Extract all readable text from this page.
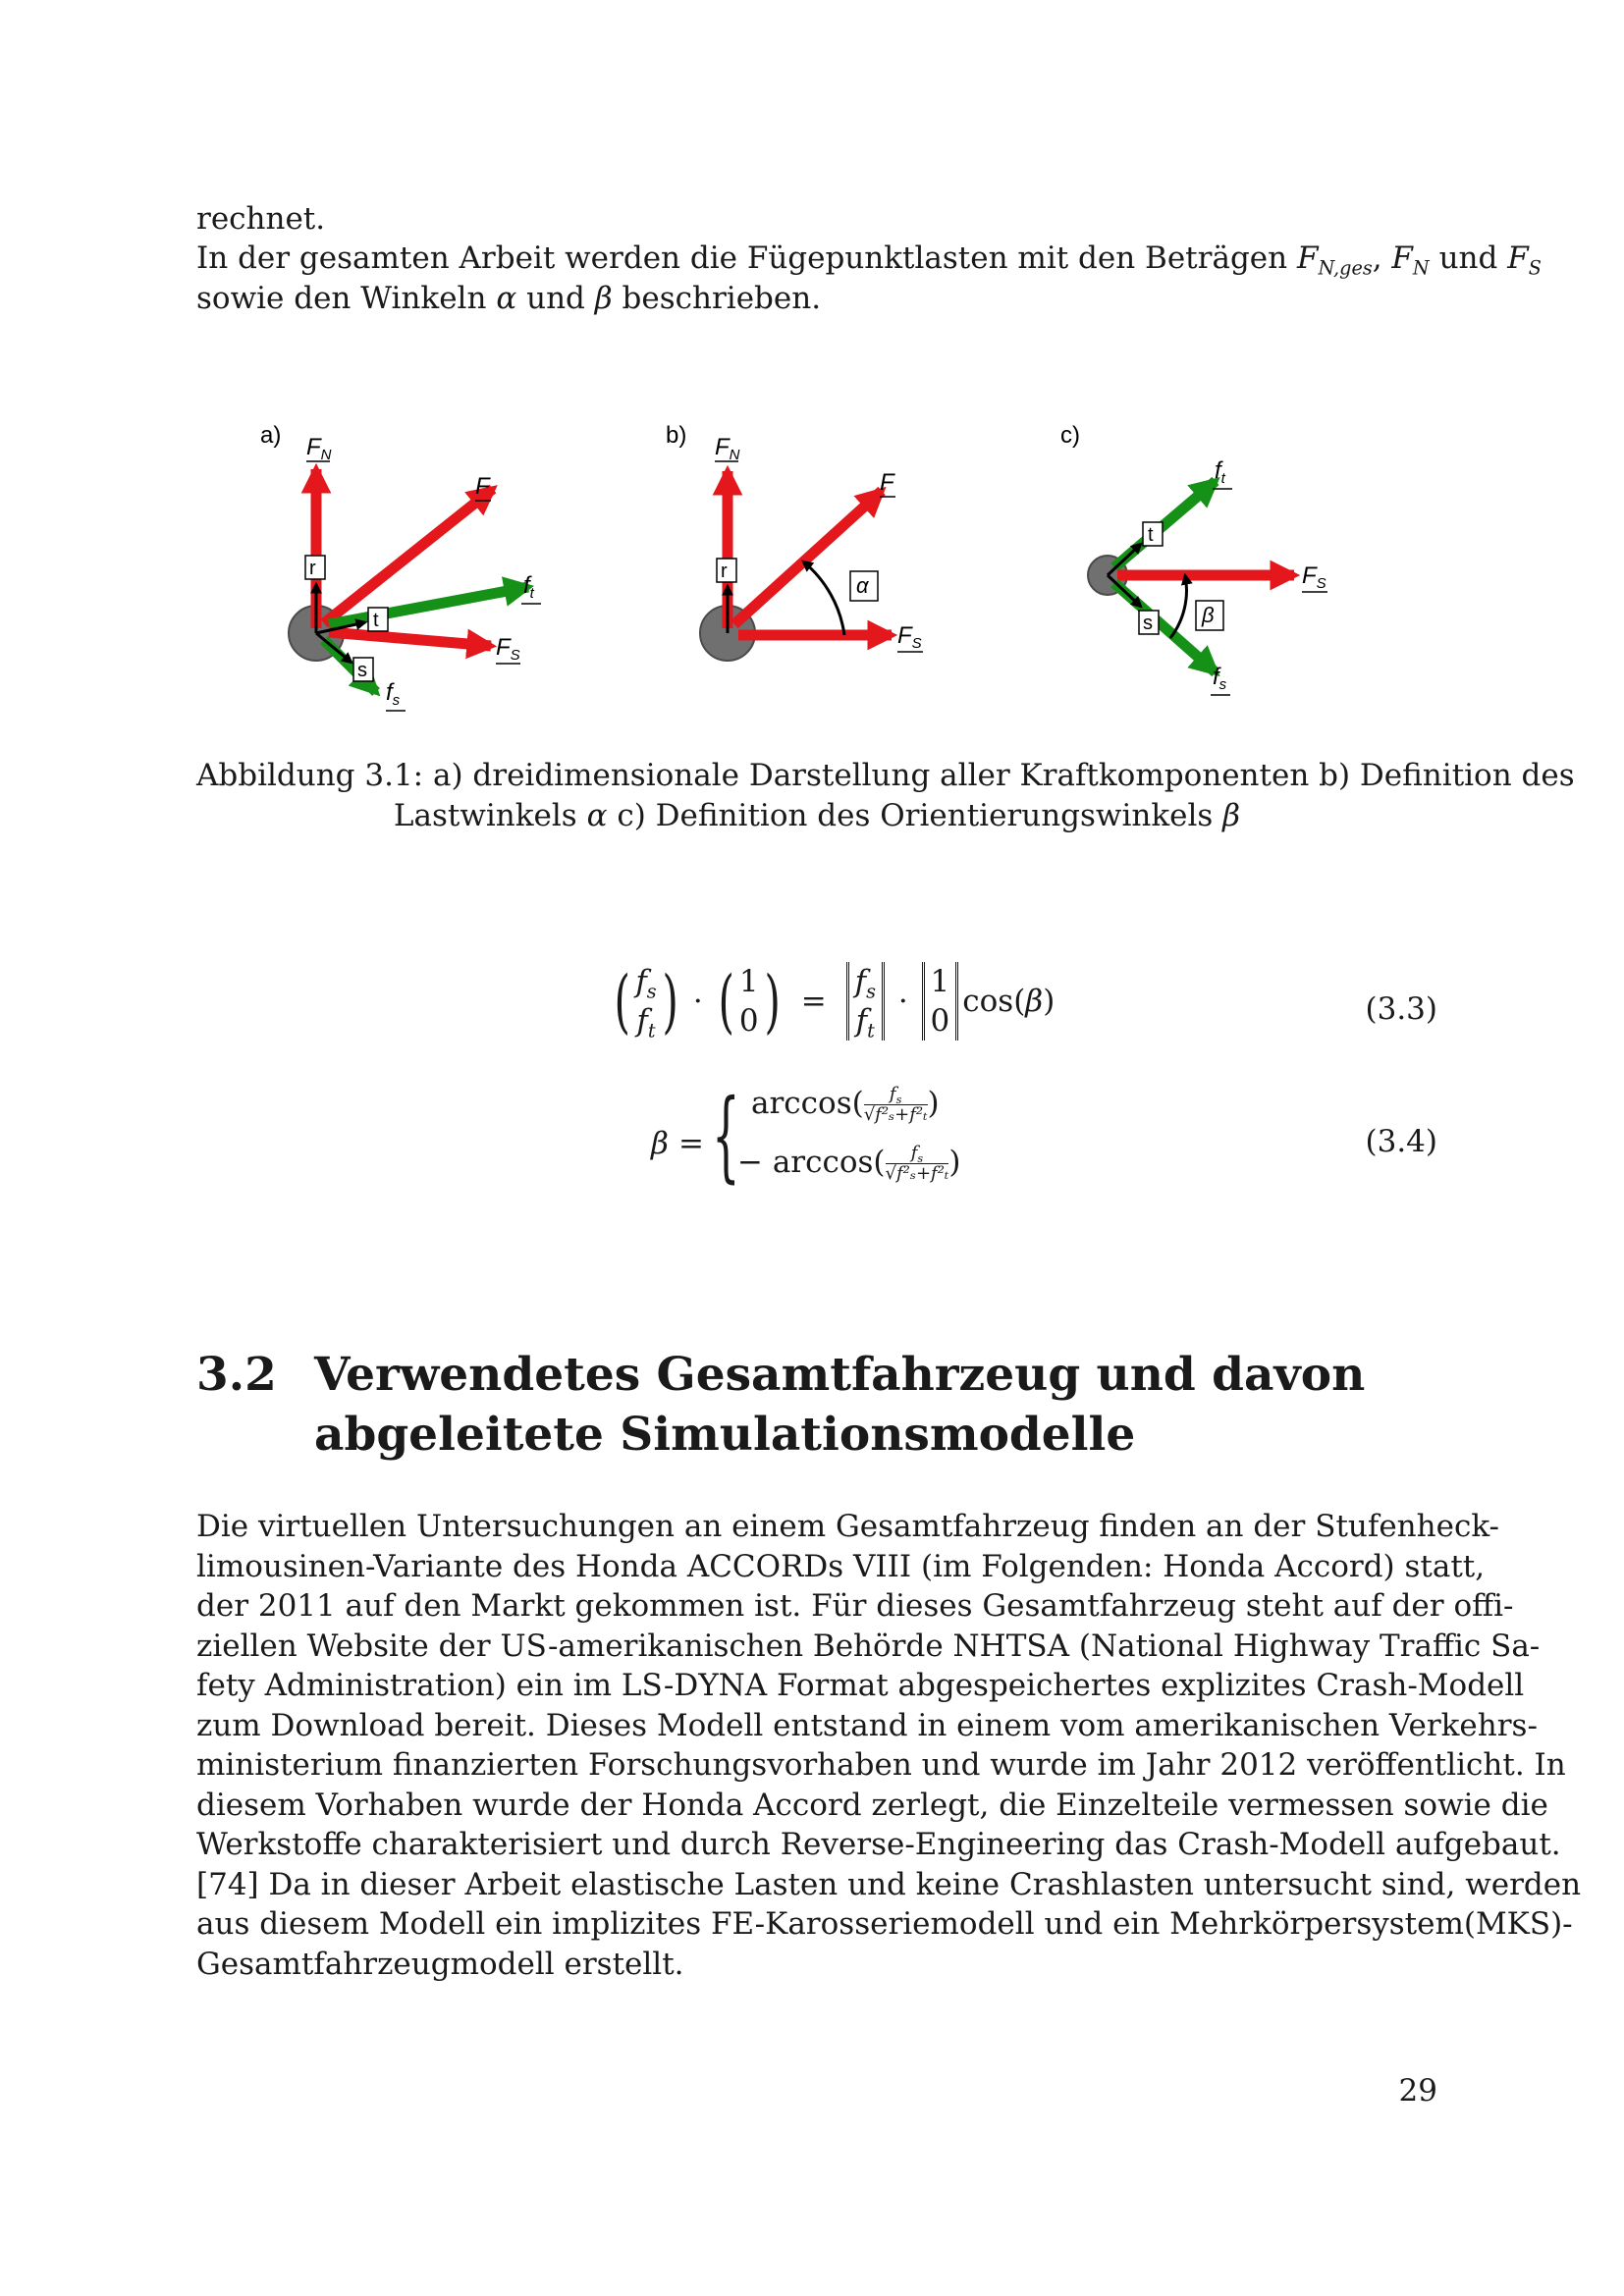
rechnet.

In der gesamten Arbeit werden die Fügepunktlasten mit den Beträgen $F_{N,ges}$, $F_N$ und $F_S$

sowie den Winkeln α und β beschrieben.

a)
r
t
s
$F_N$
F
$f_t$
$F_S$
$f_s$
b)
r
α
$F_N$
F
$F_S$
c)
t
s β
$f_t$
$F_S$
$f_s$
Abbildung 3.1: a) dreidimensionale Darstellung aller Kraftkomponenten b) Definition des
Lastwinkels α c) Definition des Orientierungswinkels β
( $f_s$
$f_t$) · ( 1
$0) = f_s$
$f_t \cdot 1$
0cos(β)	(3.3)
β = { $\arccos( \frac{f_s}{\text{√f²ₛ+f²ₜ}}$ )
− $\arccos( \frac{f_s}{\text{√f²ₛ+f²ₜ}}$ )
(3.4)
3.2 Verwendetes Gesamtfahrzeug und davon
abgeleitete Simulationsmodelle
Die virtuellen Untersuchungen an einem Gesamtfahrzeug finden an der Stufenheck-
limousinen-Variante des Honda ACCORDs VIII (im Folgenden: Honda Accord) statt,
der 2011 auf den Markt gekommen ist. Für dieses Gesamtfahrzeug steht auf der offi-
ziellen Website der US-amerikanischen Behörde NHTSA (National Highway Traffic Sa-
fety Administration) ein im LS-DYNA Format abgespeichertes explizites Crash-Modell
zum Download bereit. Dieses Modell entstand in einem vom amerikanischen Verkehrs-
ministerium finanzierten Forschungsvorhaben und wurde im Jahr 2012 veröffentlicht. In
diesem Vorhaben wurde der Honda Accord zerlegt, die Einzelteile vermessen sowie die
Werkstoffe charakterisiert und durch Reverse-Engineering das Crash-Modell aufgebaut.
[74] Da in dieser Arbeit elastische Lasten und keine Crashlasten untersucht sind, werden
aus diesem Modell ein implizites FE-Karosseriemodell und ein Mehrkörpersystem(MKS)-
Gesamtfahrzeugmodell erstellt.
29
